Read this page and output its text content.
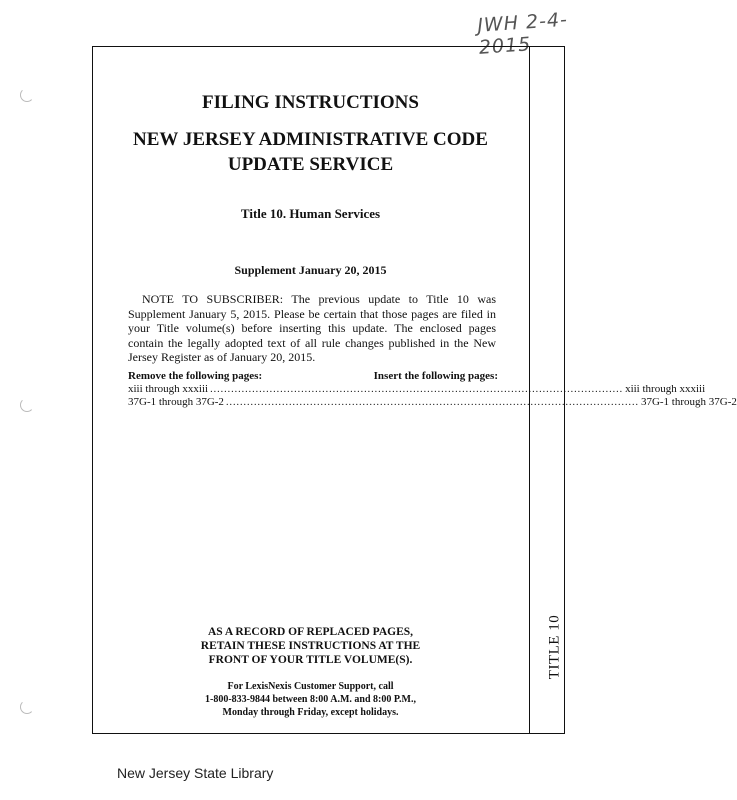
JWH 2-4-2015
TITLE 10
FILING INSTRUCTIONS
NEW JERSEY ADMINISTRATIVE CODE
UPDATE SERVICE
Title 10. Human Services
Supplement January 20, 2015
NOTE TO SUBSCRIBER: The previous update to Title 10 was Supplement January 5, 2015. Please be certain that those pages are filed in your Title volume(s) before inserting this update. The enclosed pages contain the legally adopted text of all rule changes published in the New Jersey Register as of January 20, 2015.
Remove the following pages:	Insert the following pages:
xiii through xxxiii ...................................................................................................................... xiii through xxxiii
37G-1 through 37G-2 ...................................................................................................................... 37G-1 through 37G-2
AS A RECORD OF REPLACED PAGES,
RETAIN THESE INSTRUCTIONS AT THE
FRONT OF YOUR TITLE VOLUME(S).
For LexisNexis Customer Support, call
1-800-833-9844 between 8:00 A.M. and 8:00 P.M.,
Monday through Friday, except holidays.
New Jersey State Library
